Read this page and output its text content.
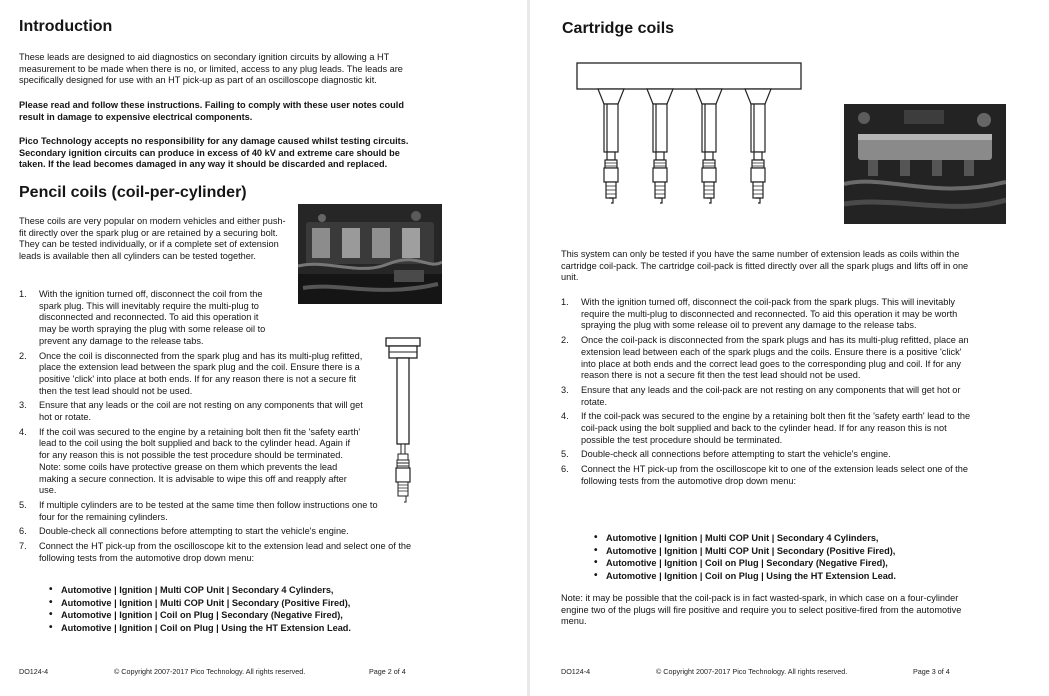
Introduction

These leads are designed to aid diagnostics on secondary ignition circuits by allowing a HT measurement to be made when there is no, or limited, access to any plug leads. The leads are specifically designed for use with an HT pick-up as part of an oscilloscope diagnostic kit.

Please read and follow these instructions. Failing to comply with these user notes could result in damage to expensive electrical components.

Pico Technology accepts no responsibility for any damage caused whilst testing circuits. Secondary ignition circuits can produce in excess of 40 kV and extreme care should be taken. If the lead becomes damaged in any way it should be discarded and replaced.

Pencil coils (coil-per-cylinder)

These coils are very popular on modern vehicles and either push-fit directly over the spark plug or are retained by a securing bolt. They can be tested individually, or if a complete set of extension leads is available then all cylinders can be tested together.

1. With the ignition turned off, disconnect the coil from the spark plug. This will inevitably require the multi-plug to disconnected and reconnected. To aid this operation it may be worth spraying the plug with some release oil to prevent any damage to the release tabs.
2. Once the coil is disconnected from the spark plug and has its multi-plug refitted, place the extension lead between the spark plug and the coil. Ensure there is a positive 'click' into place at both ends. If for any reason there is not a secure fit then the test lead should not be used.
3. Ensure that any leads or the coil are not resting on any components that will get hot or rotate.
4. If the coil was secured to the engine by a retaining bolt then fit the 'safety earth' lead to the coil using the bolt supplied and back to the cylinder head. Again if for any reason this is not possible the test procedure should be terminated. Note: some coils have protective grease on them which prevents the lead making a secure connection. It is advisable to wipe this off and reapply after use.
5. If multiple cylinders are to be tested at the same time then follow instructions one to four for the remaining cylinders.
6. Double-check all connections before attempting to start the vehicle's engine.
7. Connect the HT pick-up from the oscilloscope kit to the extension lead and select one of the following tests from the automotive drop down menu:
• Automotive | Ignition | Multi COP Unit | Secondary 4 Cylinders,
• Automotive | Ignition | Multi COP Unit | Secondary (Positive Fired),
• Automotive | Ignition | Coil on Plug | Secondary (Negative Fired),
• Automotive | Ignition | Coil on Plug | Using the HT Extension Lead.
DO124-4	© Copyright 2007-2017 Pico Technology. All rights reserved.	Page 2 of 4
Cartridge coils

This system can only be tested if you have the same number of extension leads as coils within the cartridge coil-pack. The cartridge coil-pack is fitted directly over all the spark plugs and lifts off in one unit.

1. With the ignition turned off, disconnect the coil-pack from the spark plugs. This will inevitably require the multi-plug to disconnected and reconnected. To aid this operation it may be worth spraying the plug with some release oil to prevent any damage to the release tabs.
2. Once the coil-pack is disconnected from the spark plugs and has its multi-plug refitted, place an extension lead between each of the spark plugs and the coils. Ensure there is a positive 'click' into place at both ends and the correct lead goes to the corresponding plug and coil. If for any reason there is not a secure fit then the test lead should not be used.
3. Ensure that any leads and the coil-pack are not resting on any components that will get hot or rotate.
4. If the coil-pack was secured to the engine by a retaining bolt then fit the 'safety earth' lead to the coil-pack using the bolt supplied and back to the cylinder head. If for any reason this is not possible the test procedure should be terminated.
5. Double-check all connections before attempting to start the vehicle's engine.
6. Connect the HT pick-up from the oscilloscope kit to one of the extension leads select one of the following tests from the automotive drop down menu:
• Automotive | Ignition | Multi COP Unit | Secondary 4 Cylinders,
• Automotive | Ignition | Multi COP Unit | Secondary (Positive Fired),
• Automotive | Ignition | Coil on Plug | Secondary (Negative Fired),
• Automotive | Ignition | Coil on Plug | Using the HT Extension Lead.

Note: it may be possible that the coil-pack is in fact wasted-spark, in which case on a four-cylinder engine two of the plugs will fire positive and require you to select positive-fired from the automotive menu.

DO124-4	© Copyright 2007-2017 Pico Technology. All rights reserved.	Page 3 of 4
